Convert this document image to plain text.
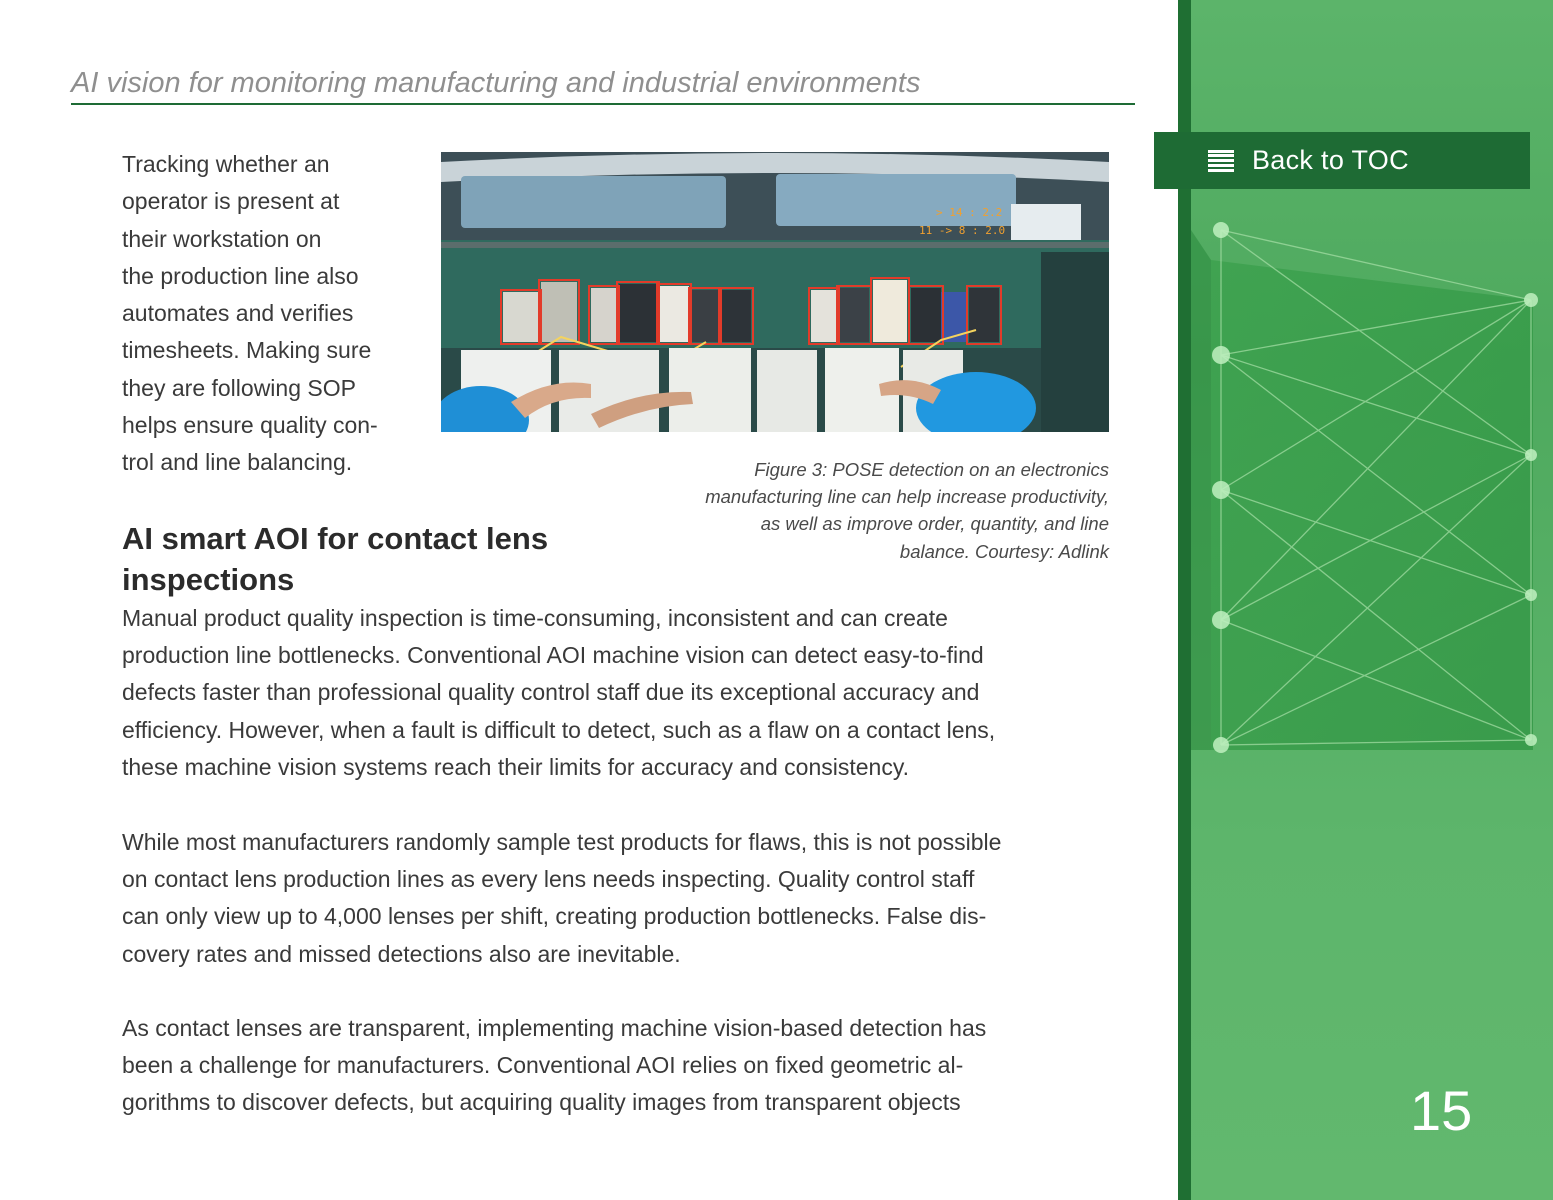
AI vision for monitoring manufacturing and industrial environments

Tracking whether an
operator is present at
their workstation on
the production line also
automates and verifies
timesheets. Making sure
they are following SOP
helps ensure quality con-
trol and line balancing.

> 14 : 2.2
11 -> 8 : 2.0
Figure 3: POSE detection on an electronics
manufacturing line can help increase productivity,
as well as improve order, quantity, and line
balance. Courtesy: Adlink
AI smart AOI for contact lens
inspections

Manual product quality inspection is time-consuming, inconsistent and can create
production line bottlenecks. Conventional AOI machine vision can detect easy-to-find
defects faster than professional quality control staff due its exceptional accuracy and
efficiency. However, when a fault is difficult to detect, such as a flaw on a contact lens,
these machine vision systems reach their limits for accuracy and consistency.

While most manufacturers randomly sample test products for flaws, this is not possible
on contact lens production lines as every lens needs inspecting. Quality control staff
can only view up to 4,000 lenses per shift, creating production bottlenecks. False dis-
covery rates and missed detections also are inevitable.

As contact lenses are transparent, implementing machine vision-based detection has
been a challenge for manufacturers. Conventional AOI relies on fixed geometric al-
gorithms to discover defects, but acquiring quality images from transparent objects

Back to TOC
15
